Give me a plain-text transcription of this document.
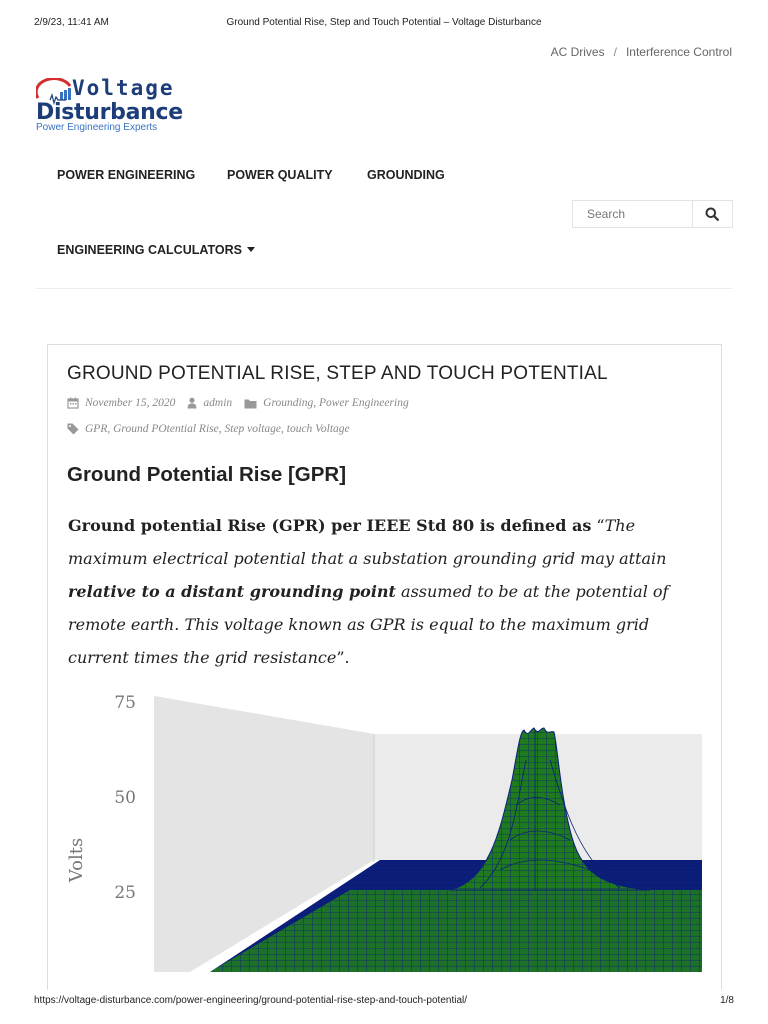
2/9/23, 11:41 AM	Ground Potential Rise, Step and Touch Potential – Voltage Disturbance
AC Drives / Interference Control
Voltage
Disturbance
Power Engineering Experts
POWER ENGINEERING	POWER QUALITY	GROUNDING
ENGINEERING CALCULATORS
Search
GROUND POTENTIAL RISE, STEP AND TOUCH POTENTIAL
November 15, 2020 admin	Grounding, Power Engineering
GPR, Ground POtential Rise, Step voltage, touch Voltage
Ground Potential Rise [GPR]
Ground potential Rise (GPR) per IEEE Std 80 is defined as “The maximum electrical potential that a substation grounding grid may attain relative to a distant grounding point assumed to be at the potential of remote earth. This voltage known as GPR is equal to the maximum grid current times the grid resistance”.
75
50
25
Volts
https://voltage-disturbance.com/power-engineering/ground-potential-rise-step-and-touch-potential/	1/8
